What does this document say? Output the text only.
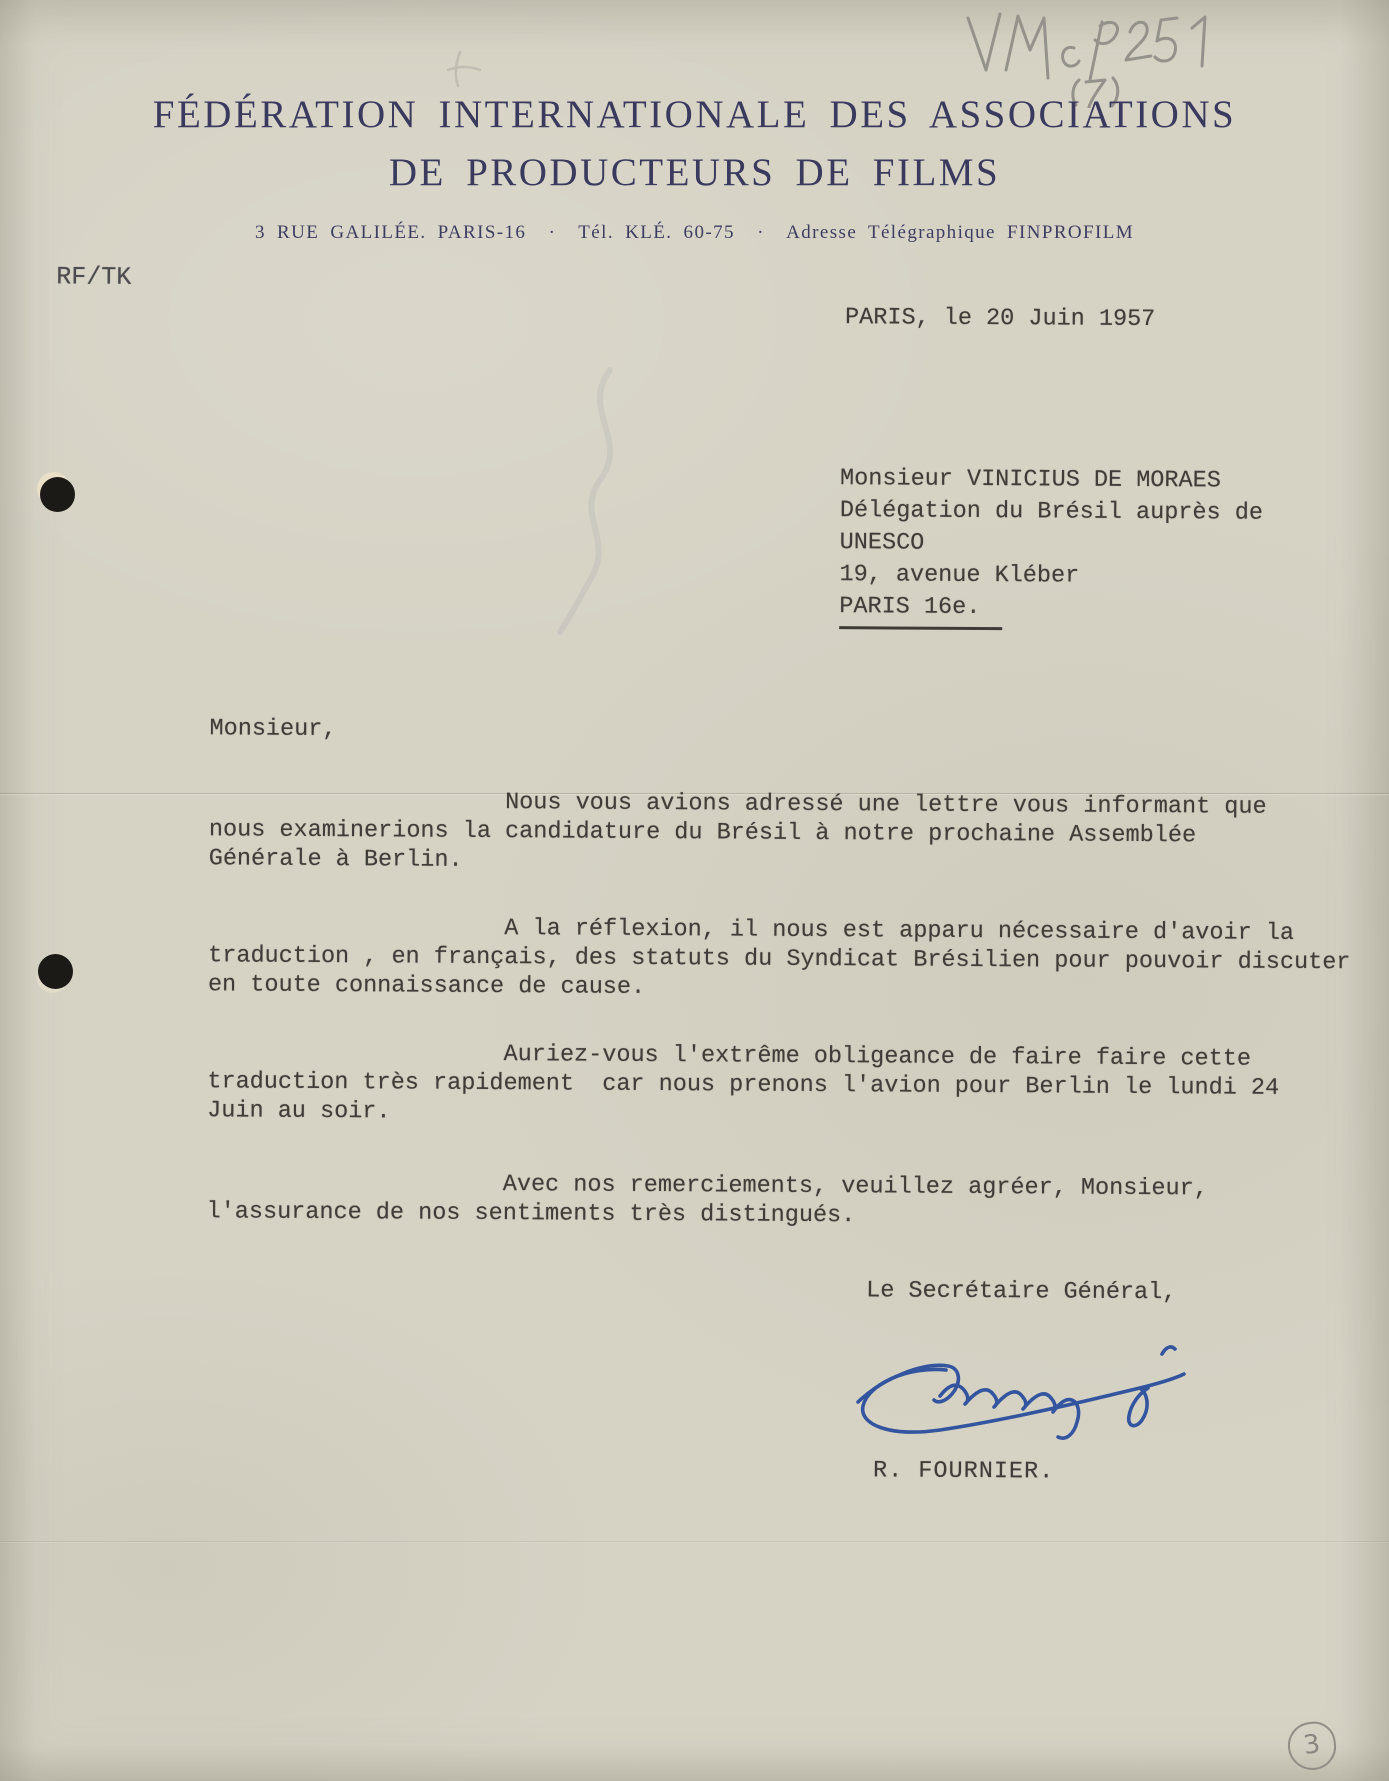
FÉDÉRATION INTERNATIONALE DES ASSOCIATIONS
DE PRODUCTEURS DE FILMS
3 RUE GALILÉE. PARIS-16  ·  Tél. KLÉ. 60-75  ·  Adresse Télégraphique FINPROFILM
RF/TK
PARIS, le 20 Juin 1957
Monsieur VINICIUS DE MORAES
Délégation du Brésil auprès de
UNESCO
19, avenue Kléber
PARIS 16e.
Monsieur,
Nous vous avions adressé une lettre vous informant que
nous examinerions la candidature du Brésil à notre prochaine Assemblée
Générale à Berlin.
A la réflexion, il nous est apparu nécessaire d'avoir la
traduction , en français, des statuts du Syndicat Brésilien pour pouvoir discuter
en toute connaissance de cause.
Auriez-vous l'extrême obligeance de faire faire cette
traduction très rapidement  car nous prenons l'avion pour Berlin le lundi 24
Juin au soir.
Avec nos remerciements, veuillez agréer, Monsieur,
l'assurance de nos sentiments très distingués.
Le Secrétaire Général,
R. FOURNIER.
3
